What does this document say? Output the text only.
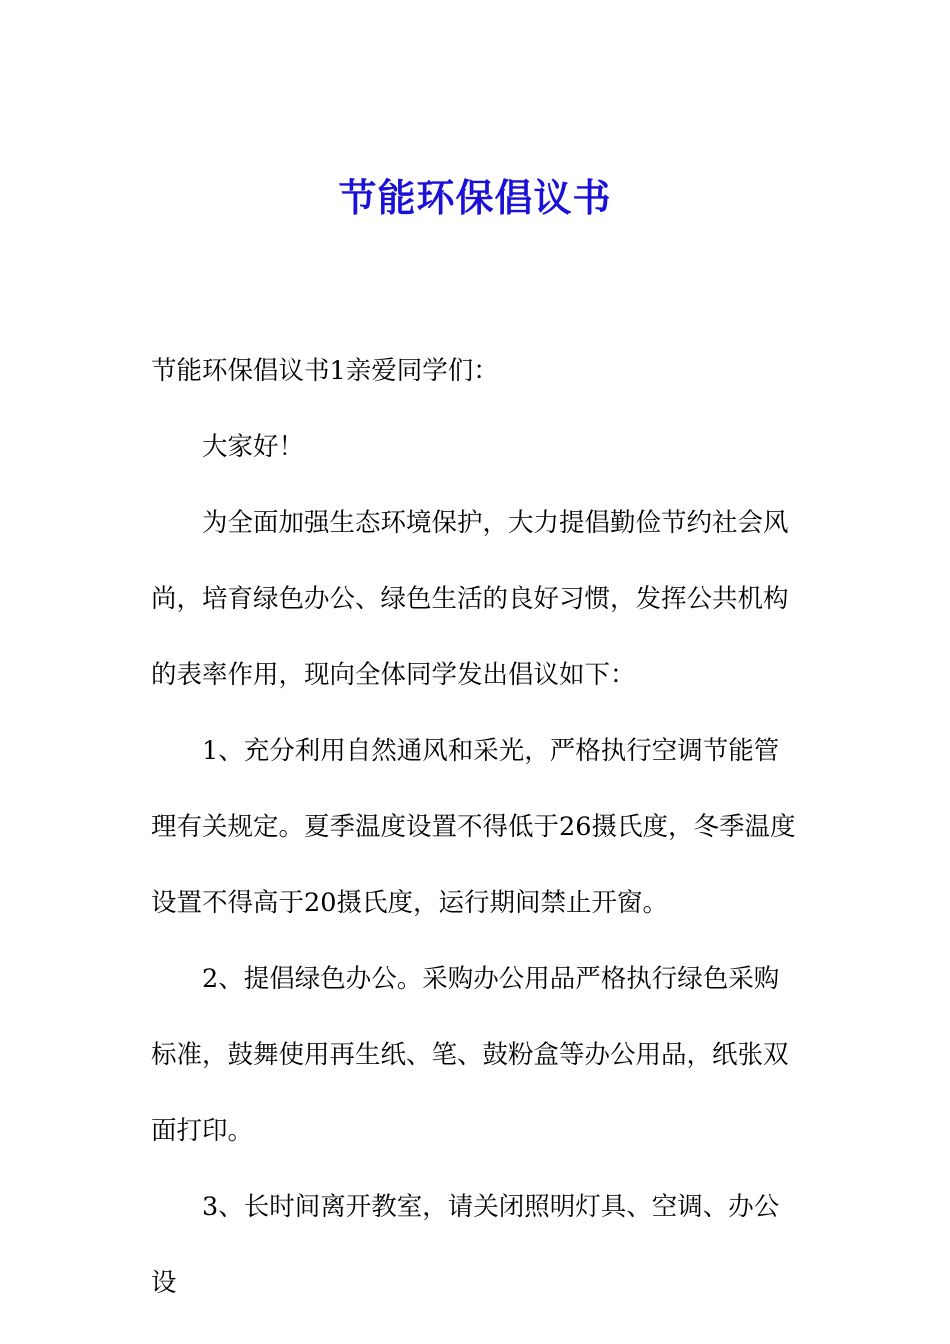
节能环保倡议书

节能环保倡议书1亲爱同学们：

大家好！

为全面加强生态环境保护，大力提倡勤俭节约社会风尚，培育绿色办公、绿色生活的良好习惯，发挥公共机构的表率作用，现向全体同学发出倡议如下：

1、充分利用自然通风和采光，严格执行空调节能管理有关规定。夏季温度设置不得低于26摄氏度，冬季温度设置不得高于20摄氏度，运行期间禁止开窗。

2、提倡绿色办公。采购办公用品严格执行绿色采购标准，鼓舞使用再生纸、笔、鼓粉盒等办公用品，纸张双面打印。

3、长时间离开教室，请关闭照明灯具、空调、办公设
